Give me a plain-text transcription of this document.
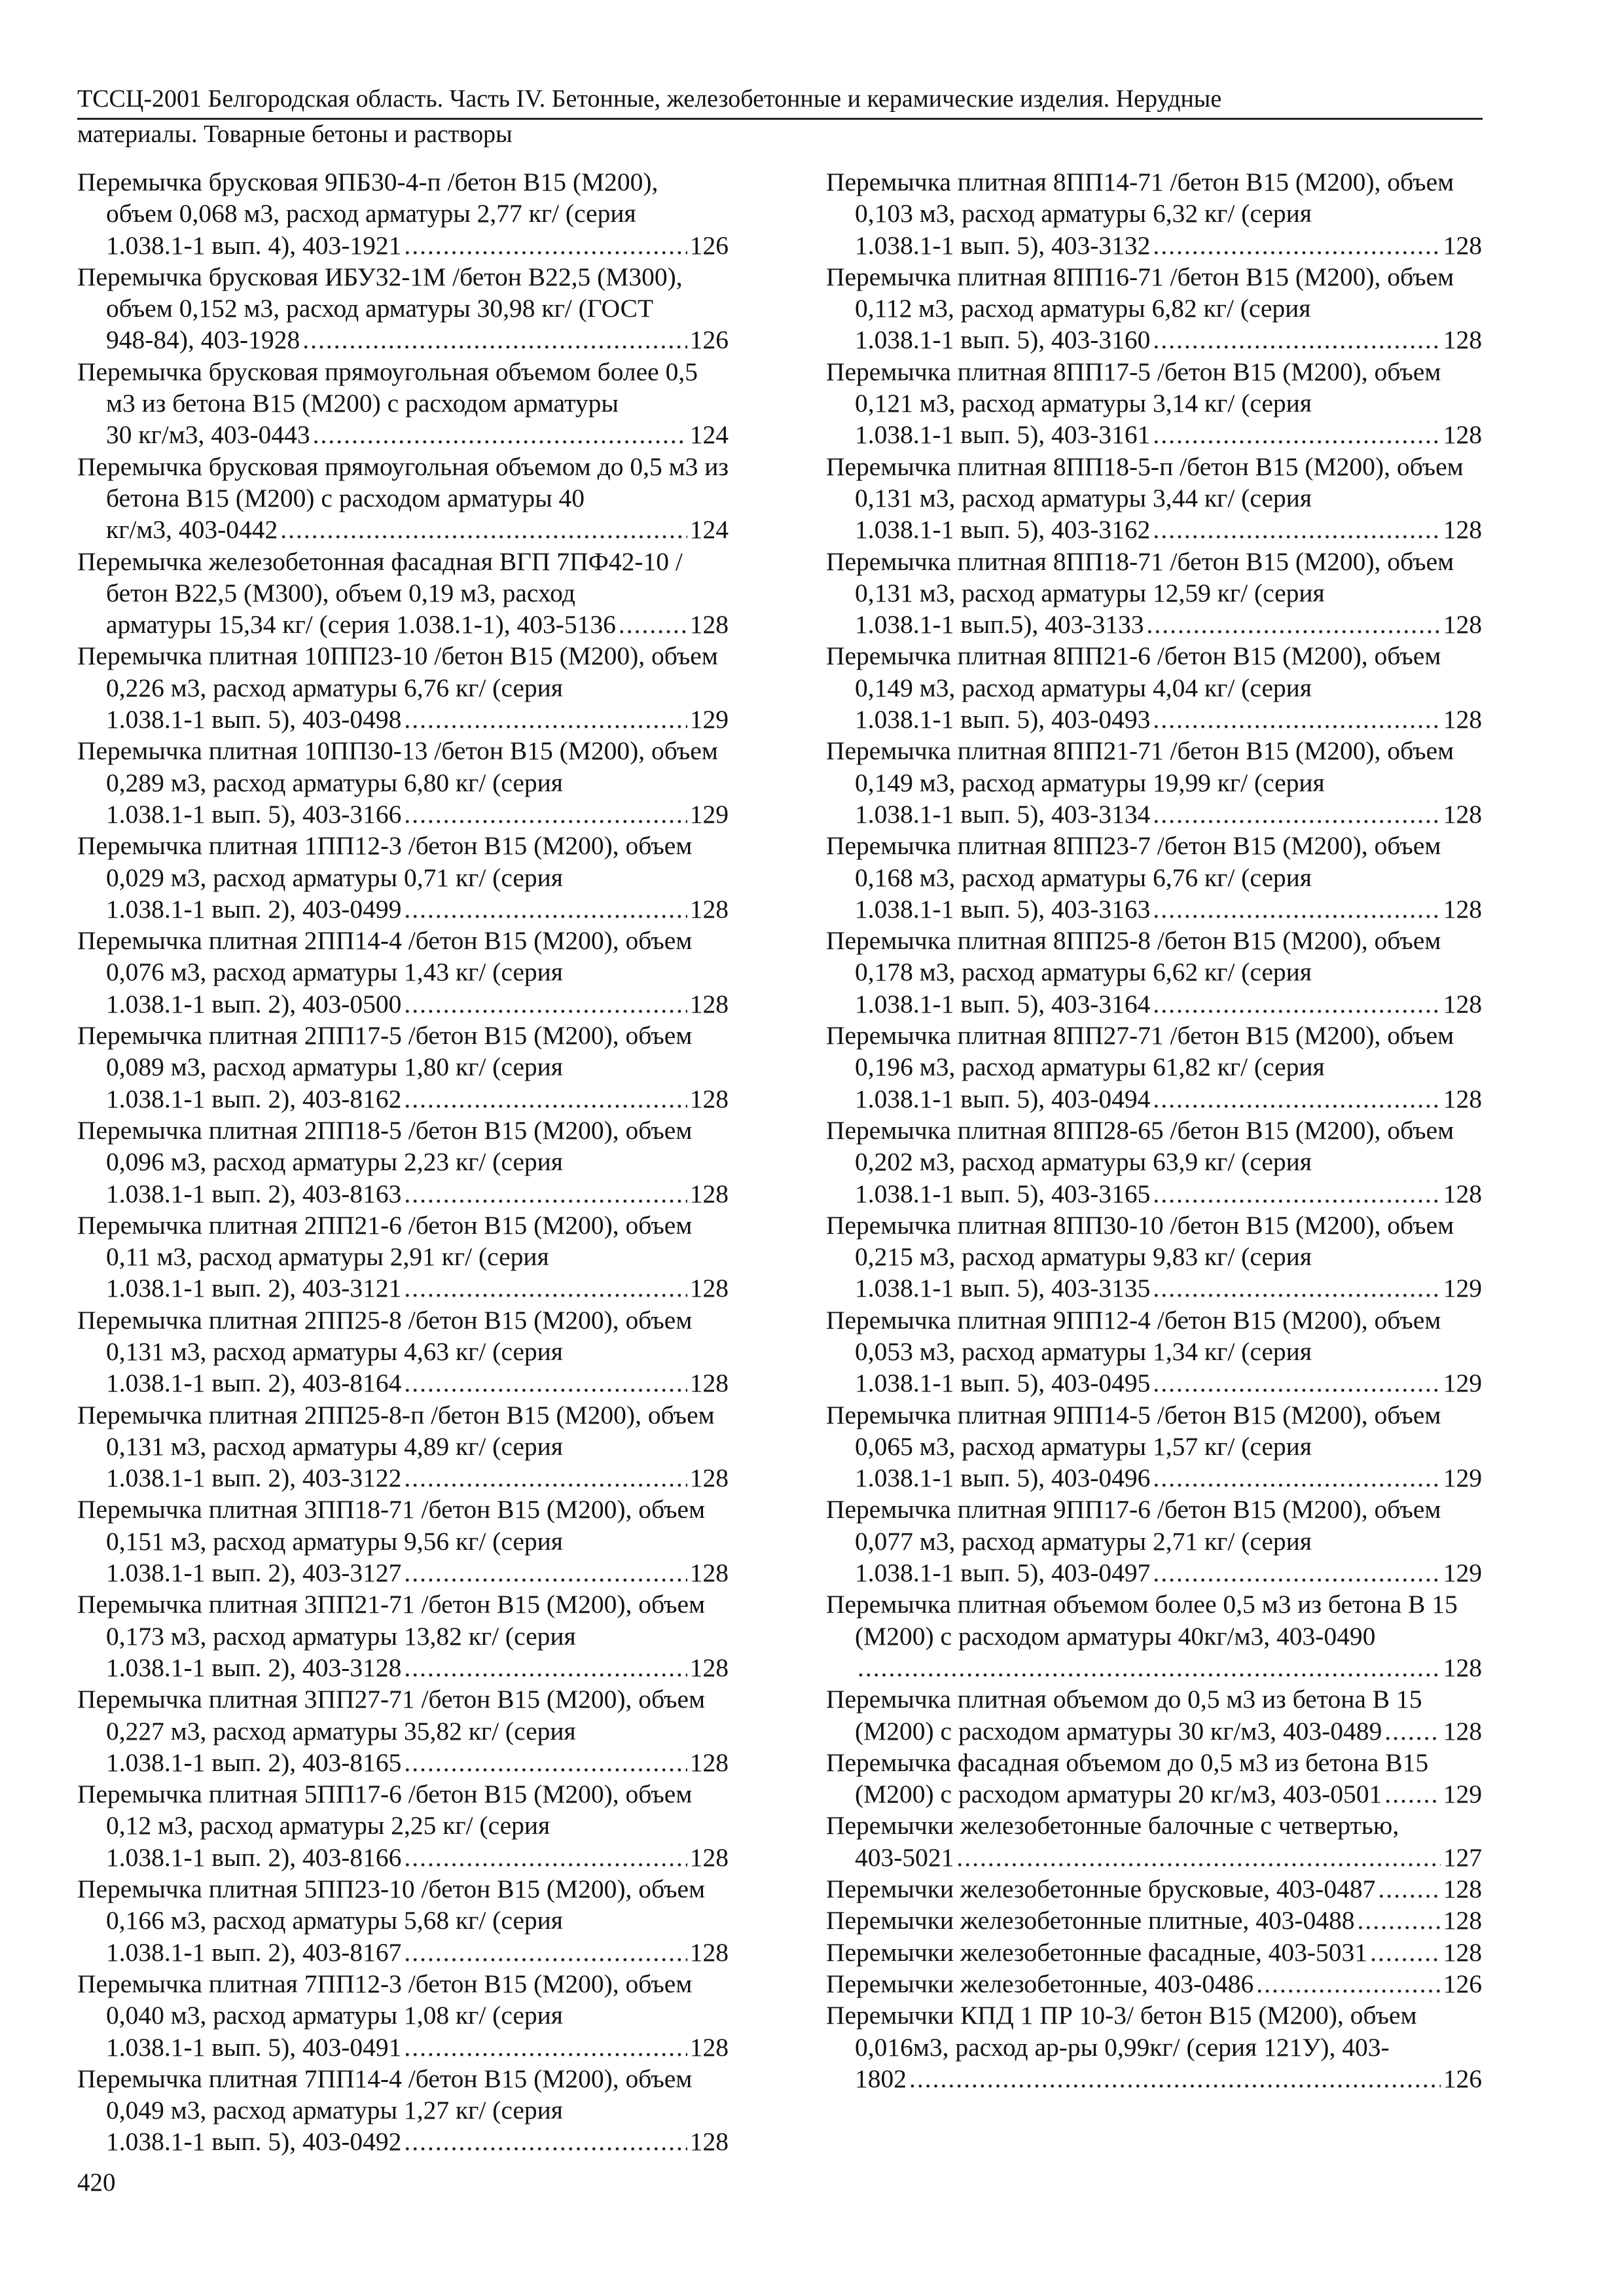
ТССЦ-2001 Белгородская область. Часть IV. Бетонные, железобетонные и керамические изделия. Нерудные
материалы. Товарные бетоны и растворы
Перемычка брусковая 9ПБ30-4-п /бетон В15 (М200), объем 0,068 м3, расход арматуры 2,77 кг/ (серия
1.038.1-1 вып. 4), 403-1921 .....	126
Перемычка брусковая ИБУ32-1М /бетон В22,5 (М300), объем 0,152 м3, расход арматуры 30,98 кг/ (ГОСТ
948-84), 403-1928 .....	126
Перемычка брусковая прямоугольная объемом более 0,5 м3 из бетона В15 (М200) с расходом арматуры
30 кг/м3, 403-0443 .....	124
Перемычка брусковая прямоугольная объемом до 0,5 м3 из бетона В15 (М200) с расходом арматуры 40
кг/м3, 403-0442 .....	124
Перемычка железобетонная фасадная ВГП 7ПФ42-10 /бетон В22,5 (М300), объем 0,19 м3, расход
арматуры 15,34 кг/ (серия 1.038.1-1), 403-5136 .....	128
Перемычка плитная 10ПП23-10 /бетон В15 (М200), объем 0,226 м3, расход арматуры 6,76 кг/ (серия
1.038.1-1 вып. 5), 403-0498 .....	129
Перемычка плитная 10ПП30-13 /бетон В15 (М200), объем 0,289 м3, расход арматуры 6,80 кг/ (серия
1.038.1-1 вып. 5), 403-3166 .....	129
Перемычка плитная 1ПП12-3 /бетон В15 (М200), объем 0,029 м3, расход арматуры 0,71 кг/ (серия
1.038.1-1 вып. 2), 403-0499 .....	128
Перемычка плитная 2ПП14-4 /бетон В15 (М200), объем 0,076 м3, расход арматуры 1,43 кг/ (серия
1.038.1-1 вып. 2), 403-0500 .....	128
Перемычка плитная 2ПП17-5 /бетон В15 (М200), объем 0,089 м3, расход арматуры 1,80 кг/ (серия
1.038.1-1 вып. 2), 403-8162 .....	128
Перемычка плитная 2ПП18-5 /бетон В15 (М200), объем 0,096 м3, расход арматуры 2,23 кг/ (серия
1.038.1-1 вып. 2), 403-8163 .....	128
Перемычка плитная 2ПП21-6 /бетон В15 (М200), объем 0,11 м3, расход арматуры 2,91 кг/ (серия
1.038.1-1 вып. 2), 403-3121 .....	128
Перемычка плитная 2ПП25-8 /бетон В15 (М200), объем 0,131 м3, расход арматуры 4,63 кг/ (серия
1.038.1-1 вып. 2), 403-8164 .....	128
Перемычка плитная 2ПП25-8-п /бетон В15 (М200), объем 0,131 м3, расход арматуры 4,89 кг/ (серия
1.038.1-1 вып. 2), 403-3122 .....	128
Перемычка плитная 3ПП18-71 /бетон В15 (М200), объем 0,151 м3, расход арматуры 9,56 кг/ (серия
1.038.1-1 вып. 2), 403-3127 .....	128
Перемычка плитная 3ПП21-71 /бетон В15 (М200), объем 0,173 м3, расход арматуры 13,82 кг/ (серия
1.038.1-1 вып. 2), 403-3128 .....	128
Перемычка плитная 3ПП27-71 /бетон В15 (М200), объем 0,227 м3, расход арматуры 35,82 кг/ (серия
1.038.1-1 вып. 2), 403-8165 .....	128
Перемычка плитная 5ПП17-6 /бетон В15 (М200), объем 0,12 м3, расход арматуры 2,25 кг/ (серия
1.038.1-1 вып. 2), 403-8166 .....	128
Перемычка плитная 5ПП23-10 /бетон В15 (М200), объем 0,166 м3, расход арматуры 5,68 кг/ (серия
1.038.1-1 вып. 2), 403-8167 .....	128
Перемычка плитная 7ПП12-3 /бетон В15 (М200), объем 0,040 м3, расход арматуры 1,08 кг/ (серия
1.038.1-1 вып. 5), 403-0491 .....	128
Перемычка плитная 7ПП14-4 /бетон В15 (М200), объем 0,049 м3, расход арматуры 1,27 кг/ (серия
1.038.1-1 вып. 5), 403-0492 .....	128
Перемычка плитная 8ПП14-71 /бетон В15 (М200), объем 0,103 м3, расход арматуры 6,32 кг/ (серия
1.038.1-1 вып. 5), 403-3132 .....	128
Перемычка плитная 8ПП16-71 /бетон В15 (М200), объем 0,112 м3, расход арматуры 6,82 кг/ (серия
1.038.1-1 вып. 5), 403-3160 .....	128
Перемычка плитная 8ПП17-5 /бетон В15 (М200), объем 0,121 м3, расход арматуры 3,14 кг/ (серия
1.038.1-1 вып. 5), 403-3161 .....	128
Перемычка плитная 8ПП18-5-п /бетон В15 (М200), объем 0,131 м3, расход арматуры 3,44 кг/ (серия
1.038.1-1 вып. 5), 403-3162 .....	128
Перемычка плитная 8ПП18-71 /бетон В15 (М200), объем 0,131 м3, расход арматуры 12,59 кг/ (серия
1.038.1-1 вып.5), 403-3133 .....	128
Перемычка плитная 8ПП21-6 /бетон В15 (М200), объем 0,149 м3, расход арматуры 4,04 кг/ (серия
1.038.1-1 вып. 5), 403-0493 .....	128
Перемычка плитная 8ПП21-71 /бетон В15 (М200), объем 0,149 м3, расход арматуры 19,99 кг/ (серия
1.038.1-1 вып. 5), 403-3134 .....	128
Перемычка плитная 8ПП23-7 /бетон В15 (М200), объем 0,168 м3, расход арматуры 6,76 кг/ (серия
1.038.1-1 вып. 5), 403-3163 .....	128
Перемычка плитная 8ПП25-8 /бетон В15 (М200), объем 0,178 м3, расход арматуры 6,62 кг/ (серия
1.038.1-1 вып. 5), 403-3164 .....	128
Перемычка плитная 8ПП27-71 /бетон В15 (М200), объем 0,196 м3, расход арматуры 61,82 кг/ (серия
1.038.1-1 вып. 5), 403-0494 .....	128
Перемычка плитная 8ПП28-65 /бетон В15 (М200), объем 0,202 м3, расход арматуры 63,9 кг/ (серия
1.038.1-1 вып. 5), 403-3165 .....	128
Перемычка плитная 8ПП30-10 /бетон В15 (М200), объем 0,215 м3, расход арматуры 9,83 кг/ (серия
1.038.1-1 вып. 5), 403-3135 .....	129
Перемычка плитная 9ПП12-4 /бетон В15 (М200), объем 0,053 м3, расход арматуры 1,34 кг/ (серия
1.038.1-1 вып. 5), 403-0495 .....	129
Перемычка плитная 9ПП14-5 /бетон В15 (М200), объем 0,065 м3, расход арматуры 1,57 кг/ (серия
1.038.1-1 вып. 5), 403-0496 .....	129
Перемычка плитная 9ПП17-6 /бетон В15 (М200), объем 0,077 м3, расход арматуры 2,71 кг/ (серия
1.038.1-1 вып. 5), 403-0497 .....	129
Перемычка плитная объемом более 0,5 м3 из бетона В 15 (М200) с расходом арматуры 40кг/м3, 403-0490
.....
128
Перемычка плитная объемом до 0,5 м3 из бетона В 15
(М200) с расходом арматуры 30 кг/м3, 403-0489 ..... 128
Перемычка фасадная объемом до 0,5 м3 из бетона В15
(М200) с расходом арматуры 20 кг/м3, 403-0501 ..... 129
Перемычки железобетонные балочные с четвертью,
403-5021 .....	127
Перемычки железобетонные брусковые, 403-0487 .....	128
Перемычки железобетонные плитные, 403-0488 .....	128
Перемычки железобетонные фасадные, 403-5031 .....	128
Перемычки железобетонные, 403-0486 .....	126
Перемычки КПД 1 ПР 10-3/ бетон В15 (М200), объем 0,016м3, расход ар-ры 0,99кг/ (серия 121У), 403-
1802 .....	126
420
